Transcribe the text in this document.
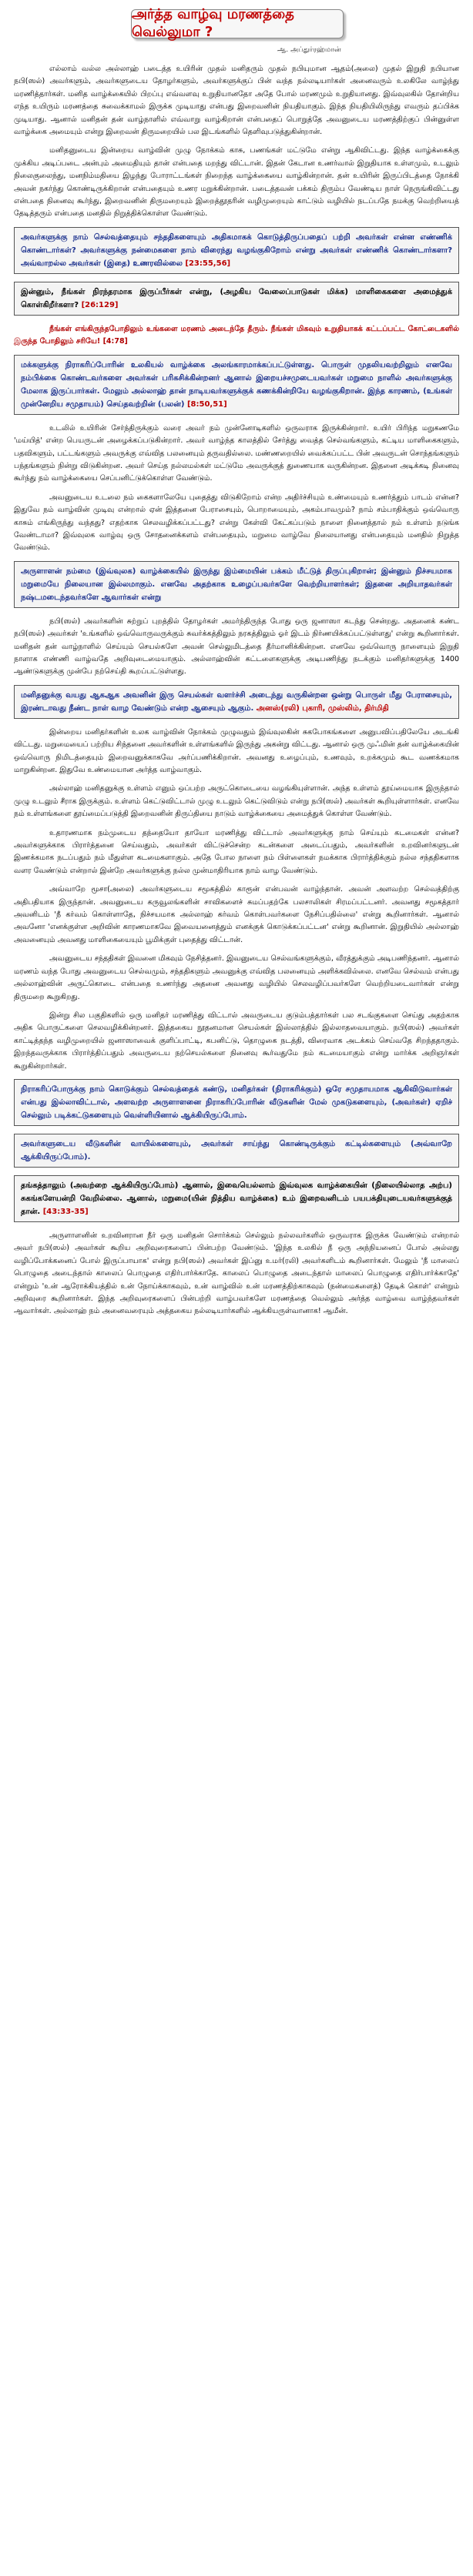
அர்த்த வாழ்வு மரணத்தை வெல்லுமா ?
ஆ. அப்துர்ரஹ்மான்

எல்லாம் வல்ல அல்லாஹ் படைத்த உயிரின் முதல் மனிதரும் முதல் நபியுமான ஆதம்(அலை) முதல் இறுதி நபியான நபி(ஸல்) அவர்களும், அவர்களுடைய தோழர்களும், அவர்களுக்குப் பின் வந்த நல்லடியார்கள் அனைவரும் உலகிலே வாழ்ந்து மரணித்தார்கள். மனித வாழ்க்கையில் பிறப்பு எவ்வளவு உறுதியானதோ அதே போல் மரணமும் உறுதியானது. இவ்வுலகில் தோன்றிய எந்த உயிரும் மரணத்தை சுவைக்காமல் இருக்க முடியாது என்பது இறைவனின் நியதியாகும். இந்த நியதியிலிருந்து எவரும் தப்பிக்க முடியாது. ஆனால் மனிதன் தன் வாழ்நாளில் எவ்வாறு வாழ்கிறான் என்பதைப் பொறுத்தே அவனுடைய மரணத்திற்குப் பின்னுள்ள வாழ்க்கை அமையும் என்று இறைவன் திருமறையில் பல இடங்களில் தெளிவுபடுத்துகின்றான்.

மனிதனுடைய இன்றைய வாழ்வின் முழு நோக்கம் காசு, பணங்கள் மட்டுமே என்று ஆகிவிட்டது. இந்த வாழ்க்கைக்கு முக்கிய அடிப்படை அன்பும் அமைதியும் தான் என்பதை மறந்து விட்டான். இதன் கேடான உணர்வால் இறுதியாக உள்ளமும், உடலும் நிலைகுலைந்து, மனநிம்மதியை இழந்து போராட்டங்கள் நிறைந்த வாழ்க்கையை வாழ்கின்றான். தன் உயிரின் இருப்பிடத்தை நோக்கி அவன் நகர்ந்து கொண்டிருக்கிறான் என்பதையும் உணர மறுக்கின்றான். படைத்தவன் பக்கம் திரும்ப வேண்டிய நாள் நெருங்கிவிட்டது என்பதை நினைவு கூர்ந்து, இறைவனின் திருமறையும் இறைத்தூதரின் வழிமுறையும் காட்டும் வழியில் நடப்பதே நமக்கு வெற்றியைத் தேடித்தரும் என்பதை மனதில் நிறுத்திக்கொள்ள வேண்டும்.

அவர்களுக்கு நாம் செல்வத்தையும் சந்ததிகளையும் அதிகமாகக் கொடுத்திருப்பதைப் பற்றி அவர்கள் என்ன எண்ணிக் கொண்டார்கள்? அவர்களுக்கு நன்மைகளை நாம் விரைந்து வழங்குகிறோம் என்று அவர்கள் எண்ணிக் கொண்டார்களா? அவ்வாறல்ல அவர்கள் (இதை) உணரவில்லை [23:55,56]
இன்னும், நீங்கள் நிரந்தரமாக இருப்பீர்கள் என்று, (அழகிய வேலைப்பாடுகள் மிக்க) மாளிகைகளை அமைத்துக் கொள்கிறீர்களா? [26:129]

நீங்கள் எங்கிருந்தபோதிலும் உங்களை மரணம் அடைந்தே தீரும். நீங்கள் மிகவும் உறுதியாகக் கட்டப்பட்ட கோட்டைகளில் இருந்த போதிலும் சரியே! [4:78]

மக்களுக்கு நிராகரிப்போரின் உலகியல் வாழ்க்கை அலங்காரமாக்கப்பட்டுள்ளது. பொருள் முதலியவற்றிலும் எனவே நம்பிக்கை கொண்டவர்களை அவர்கள் பரிகசிக்கின்றனர் ஆனால் இறையச்சமுடையவர்கள் மறுமை நாளில் அவர்களுக்கு மேலாக இருப்பார்கள். மேலும் அல்லாஹ் தான் நாடியவர்களுக்குக் கணக்கின்றியே வழங்குகிறான். இந்த காரணம், (உங்கள் முன்னேறிய சமுதாயம்) செய்தவற்றின் (பலன்) [8:50,51]

உடலில் உயிரின் சேர்ந்திருக்கும் வரை அவர் நம் முன்னோடிகளில் ஒருவராக இருக்கின்றார். உயிர் பிரிந்த மறுகணமே 'மய்யித்' என்ற பெயருடன் அழைக்கப்படுகின்றார். அவர் வாழ்ந்த காலத்தில் சேர்த்து வைத்த செல்வங்களும், கட்டிய மாளிகைகளும், பதவிகளும், பட்டங்களும் அவருக்கு எவ்வித பலனையும் தருவதில்லை. மண்ணறையில் வைக்கப்பட்ட பின் அவருடன் சொந்தங்களும் பந்தங்களும் நின்று விடுகின்றன. அவர் செய்த நல்லமல்கள் மட்டுமே அவருக்குத் துணையாக வருகின்றன. இதனை அடிக்கடி நினைவு கூர்ந்து நம் வாழ்க்கையை செப்பனிட்டுக்கொள்ள வேண்டும்.

அவனுடைய உடலை நம் கைகளாலேயே புதைத்து விடுகிறோம் என்ற அதிர்ச்சியும் உண்மையும் உணர்த்தும் பாடம் என்ன? இதுவே நம் வாழ்வின் முடிவு என்றால் ஏன் இத்தனை பேராசையும், பொறாமையும், அகம்பாவமும்? நாம் சம்பாதிக்கும் ஒவ்வொரு காசும் எங்கிருந்து வந்தது? எதற்காக செலவழிக்கப்பட்டது? என்று கேள்வி கேட்கப்படும் நாளை நினைத்தால் நம் உள்ளம் நடுங்க வேண்டாமா? இவ்வுலக வாழ்வு ஒரு சோதனைக்களம் என்பதையும், மறுமை வாழ்வே நிலையானது என்பதையும் மனதில் நிறுத்த வேண்டும்.

அருளாளன் நம்மை (இவ்வுலக) வாழ்க்கையில் இருந்து இம்மையின் பக்கம் மீட்டுத் திருப்புகிறான்; இன்னும் நிச்சயமாக மறுமையே நிலையான இல்லமாகும். எனவே அதற்காக உழைப்பவர்களே வெற்றியாளர்கள்; இதனை அறியாதவர்கள் நஷ்டமடைந்தவர்களே ஆவார்கள் என்று

நபி(ஸல்) அவர்களின் சுற்றுப் புறத்தில் தோழர்கள் அமர்ந்திருந்த போது ஒரு ஜனாஸா கடந்து சென்றது. அதனைக் கண்ட நபி(ஸல்) அவர்கள் 'உங்களில் ஒவ்வொருவருக்கும் சுவர்க்கத்திலும் நரகத்திலும் ஓர் இடம் நிர்ணயிக்கப்பட்டுள்ளது' என்று கூறினார்கள். மனிதன் தன் வாழ்நாளில் செய்யும் செயல்களே அவன் செல்லுமிடத்தை தீர்மானிக்கின்றன. எனவே ஒவ்வொரு நாளையும் இறுதி நாளாக எண்ணி வாழ்வதே அறிவுடைமையாகும். அல்லாஹ்வின் கட்டளைகளுக்கு அடிபணிந்து நடக்கும் மனிதர்களுக்கு 1400 ஆண்டுகளுக்கு முன்பே நற்செய்தி கூறப்பட்டுள்ளது.

மனிதனுக்கு வயது ஆகஆக அவனின் இரு செயல்கள் வளர்ச்சி அடைந்து வருகின்றன ஒன்று பொருள் மீது பேராசையும், இரண்டாவது நீண்ட நாள் வாழ வேண்டும் என்ற ஆசையும் ஆகும். அனஸ்(ரலி) புகாரி, முஸ்லிம், திர்மிதி

இன்றைய மனிதர்களின் உலக வாழ்வின் நோக்கம் முழுவதும் இவ்வுலகின் சுகபோகங்களை அனுபவிப்பதிலேயே அடங்கி விட்டது. மறுமையைப் பற்றிய சிந்தனை அவர்களின் உள்ளங்களில் இருந்து அகன்று விட்டது. ஆனால் ஒரு முஃமின் தன் வாழ்க்கையின் ஒவ்வொரு நிமிடத்தையும் இறைவனுக்காகவே அர்ப்பணிக்கிறான். அவனது உழைப்பும், உணவும், உறக்கமும் கூட வணக்கமாக மாறுகின்றன. இதுவே உண்மையான அர்த்த வாழ்வாகும்.

அல்லாஹ் மனிதனுக்கு உள்ளம் எனும் ஒப்பற்ற அருட்கொடையை வழங்கியுள்ளான். அந்த உள்ளம் தூய்மையாக இருந்தால் முழு உடலும் சீராக இருக்கும். உள்ளம் கெட்டுவிட்டால் முழு உடலும் கெட்டுவிடும் என்று நபி(ஸல்) அவர்கள் கூறியுள்ளார்கள். எனவே நம் உள்ளங்களை தூய்மைப்படுத்தி இறைவனின் திருப்தியை நாடும் வாழ்க்கையை அமைத்துக் கொள்ள வேண்டும்.

உதாரணமாக நம்முடைய தந்தையோ தாயோ மரணித்து விட்டால் அவர்களுக்கு நாம் செய்யும் கடமைகள் என்ன? அவர்களுக்காக பிரார்த்தனை செய்வதும், அவர்கள் விட்டுச்சென்ற கடன்களை அடைப்பதும், அவர்களின் உறவினர்களுடன் இணக்கமாக நடப்பதும் நம் மீதுள்ள கடமைகளாகும். அதே போல நாளை நம் பிள்ளைகள் நமக்காக பிரார்த்திக்கும் நல்ல சந்ததிகளாக வளர வேண்டும் என்றால் இன்றே அவர்களுக்கு நல்ல முன்மாதிரியாக நாம் வாழ வேண்டும்.

அவ்வாறே மூசா(அலை) அவர்களுடைய சமூகத்தில் காரூன் என்பவன் வாழ்ந்தான். அவன் அளவற்ற செல்வத்திற்கு அதிபதியாக இருந்தான். அவனுடைய கருவூலங்களின் சாவிகளைச் சுமப்பதற்கே பலசாலிகள் சிரமப்பட்டனர். அவனது சமூகத்தார் அவனிடம் 'நீ கர்வம் கொள்ளாதே, நிச்சயமாக அல்லாஹ் கர்வம் கொள்பவர்களை நேசிப்பதில்லை' என்று கூறினார்கள். ஆனால் அவனோ 'எனக்குள்ள அறிவின் காரணமாகவே இவையனைத்தும் எனக்குக் கொடுக்கப்பட்டன' என்று கூறினான். இறுதியில் அல்லாஹ் அவனையும் அவனது மாளிகையையும் பூமிக்குள் புதைத்து விட்டான்.

அவனுடைய சந்ததிகள் இவனை மிகவும் நேசித்தனர். இவனுடைய செல்வங்களுக்கும், வீரத்துக்கும் அடிபணிந்தனர். ஆனால் மரணம் வந்த போது அவனுடைய செல்வமும், சந்ததிகளும் அவனுக்கு எவ்வித பலனையும் அளிக்கவில்லை. எனவே செல்வம் என்பது அல்லாஹ்வின் அருட்கொடை என்பதை உணர்ந்து அதனை அவனது வழியில் செலவழிப்பவர்களே வெற்றியடைவார்கள் என்று திருமறை கூறுகிறது.

இன்று சில பகுதிகளில் ஒரு மனிதர் மரணித்து விட்டால் அவருடைய குடும்பத்தார்கள் பல சடங்குகளை செய்து அதற்காக அதிக பொருட்களை செலவழிக்கின்றனர். இத்தகைய நூதனமான செயல்கள் இஸ்லாத்தில் இல்லாதவையாகும். நபி(ஸல்) அவர்கள் காட்டித்தந்த வழிமுறையில் ஜனாஸாவைக் குளிப்பாட்டி, கபனிட்டு, தொழுகை நடத்தி, விரைவாக அடக்கம் செய்வதே சிறந்ததாகும். இறந்தவருக்காக பிரார்த்திப்பதும் அவருடைய நற்செயல்களை நினைவு கூர்வதுமே நம் கடமையாகும் என்று மார்க்க அறிஞர்கள் கூறுகின்றார்கள்.

நிராகரிப்போருக்கு நாம் கொடுக்கும் செல்வத்தைக் கண்டு, மனிதர்கள் (நிராகரிக்கும்) ஒரே சமுதாயமாக ஆகிவிடுவார்கள் என்பது இல்லாவிட்டால், அளவற்ற அருளாளனை நிராகரிப்போரின் வீடுகளின் மேல் முகடுகளையும், (அவர்கள்) ஏறிச் செல்லும் படிக்கட்டுகளையும் வெள்ளியினால் ஆக்கியிருப்போம்.
அவர்களுடைய வீடுகளின் வாயில்களையும், அவர்கள் சாய்ந்து கொண்டிருக்கும் கட்டில்களையும் (அவ்வாறே ஆக்கியிருப்போம்).
தங்கத்தாலும் (அவற்றை ஆக்கியிருப்போம்) ஆனால், இவையெல்லாம் இவ்வுலக வாழ்க்கையின் (நிலையில்லாத அற்ப) சுகங்களேயன்றி வேறில்லை. ஆனால், மறுமை(யின் நித்திய வாழ்க்கை) உம் இறைவனிடம் பயபக்தியுடையவர்களுக்குத் தான். [43:33-35]

அருளாளனின் உறவினரான நீர் ஒரு மனிதன் சொர்க்கம் செல்லும் நல்லவர்களில் ஒருவராக இருக்க வேண்டும் என்றால் அவர் நபி(ஸல்) அவர்கள் கூறிய அறிவுரைகளைப் பின்பற்ற வேண்டும். 'இந்த உலகில் நீ ஒரு அந்நியனைப் போல் அல்லது வழிப்போக்கனைப் போல் இருப்பாயாக' என்று நபி(ஸல்) அவர்கள் இப்னு உமர்(ரலி) அவர்களிடம் கூறினார்கள். மேலும் 'நீ மாலைப் பொழுதை அடைந்தால் காலைப் பொழுதை எதிர்பார்க்காதே. காலைப் பொழுதை அடைந்தால் மாலைப் பொழுதை எதிர்பார்க்காதே' என்றும் 'உன் ஆரோக்கியத்தில் உன் நோய்க்காகவும், உன் வாழ்வில் உன் மரணத்திற்காகவும் (நன்மைகளைத்) தேடிக் கொள்' என்றும் அறிவுரை கூறினார்கள். இந்த அறிவுரைகளைப் பின்பற்றி வாழ்பவர்களே மரணத்தை வெல்லும் அர்த்த வாழ்வை வாழ்ந்தவர்கள் ஆவார்கள். அல்லாஹ் நம் அனைவரையும் அத்தகைய நல்லடியார்களில் ஆக்கியருள்வானாக! ஆமீன்.
